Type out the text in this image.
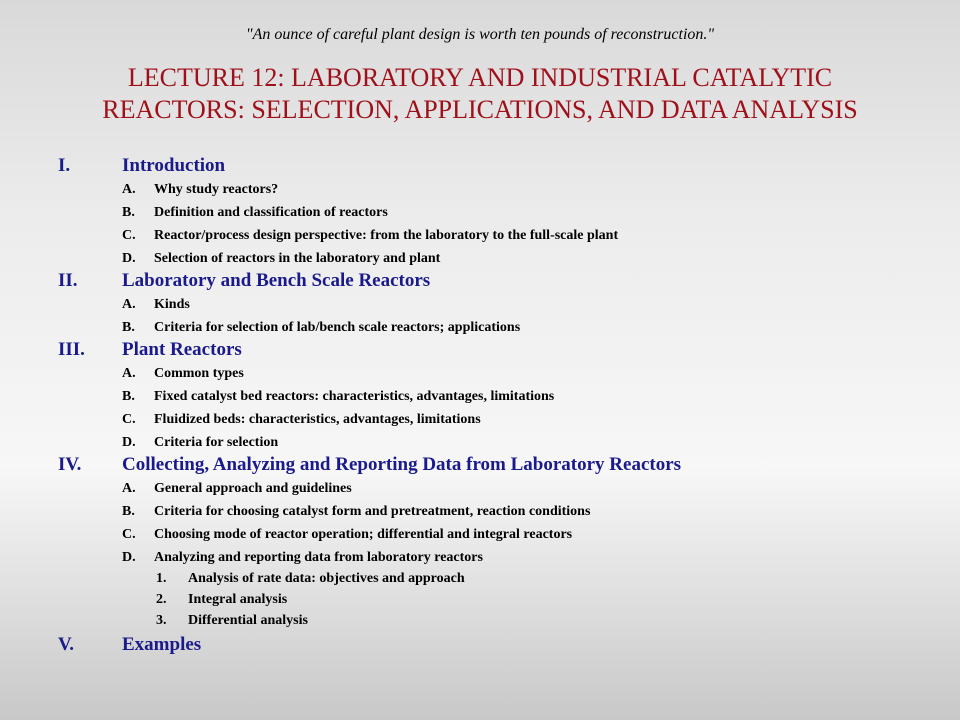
"An ounce of careful plant design is worth ten pounds of reconstruction."
LECTURE 12: LABORATORY AND INDUSTRIAL CATALYTIC
REACTORS: SELECTION, APPLICATIONS, AND DATA ANALYSIS
I.	Introduction
A. Why study reactors?
B. Definition and classification of reactors
C. Reactor/process design perspective: from the laboratory to the full-scale plant
D. Selection of reactors in the laboratory and plant
II. Laboratory and Bench Scale Reactors
A. Kinds
B. Criteria for selection of lab/bench scale reactors; applications
III. Plant Reactors
A. Common types
B. Fixed catalyst bed reactors: characteristics, advantages, limitations
C. Fluidized beds: characteristics, advantages, limitations
D. Criteria for selection
IV. Collecting, Analyzing and Reporting Data from Laboratory Reactors
A. General approach and guidelines
B. Criteria for choosing catalyst form and pretreatment, reaction conditions
C. Choosing mode of reactor operation; differential and integral reactors
D. Analyzing and reporting data from laboratory reactors
1. Analysis of rate data: objectives and approach
2. Integral analysis
3. Differential analysis
V.	Examples
